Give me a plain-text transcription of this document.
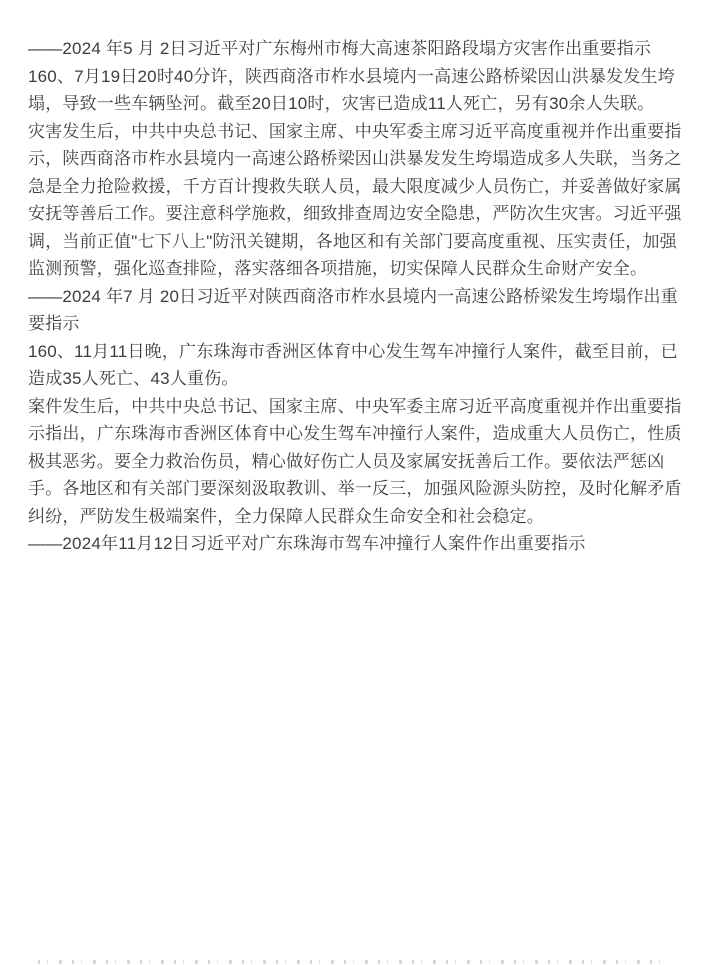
——2024 年5 月 2日习近平对广东梅州市梅大高速茶阳路段塌方灾害作出重要指示

160、7月19日20时40分许，陕西商洛市柞水县境内一高速公路桥梁因山洪暴发发生垮塌，导致一些车辆坠河。截至20日10时，灾害已造成11人死亡，另有30余人失联。

灾害发生后，中共中央总书记、国家主席、中央军委主席习近平高度重视并作出重要指示，陕西商洛市柞水县境内一高速公路桥梁因山洪暴发发生垮塌造成多人失联，当务之急是全力抢险救援，千方百计搜救失联人员，最大限度减少人员伤亡，并妥善做好家属安抚等善后工作。要注意科学施救，细致排查周边安全隐患，严防次生灾害。习近平强调，当前正值"七下八上"防汛关键期，各地区和有关部门要高度重视、压实责任，加强监测预警，强化巡查排险，落实落细各项措施，切实保障人民群众生命财产安全。

——2024 年7 月 20日习近平对陕西商洛市柞水县境内一高速公路桥梁发生垮塌作出重要指示

160、11月11日晚，广东珠海市香洲区体育中心发生驾车冲撞行人案件，截至目前，已造成35人死亡、43人重伤。

案件发生后，中共中央总书记、国家主席、中央军委主席习近平高度重视并作出重要指示指出，广东珠海市香洲区体育中心发生驾车冲撞行人案件，造成重大人员伤亡，性质极其恶劣。要全力救治伤员，精心做好伤亡人员及家属安抚善后工作。要依法严惩凶手。各地区和有关部门要深刻汲取教训、举一反三，加强风险源头防控，及时化解矛盾纠纷，严防发生极端案件，全力保障人民群众生命安全和社会稳定。

——2024年11月12日习近平对广东珠海市驾车冲撞行人案件作出重要指示
